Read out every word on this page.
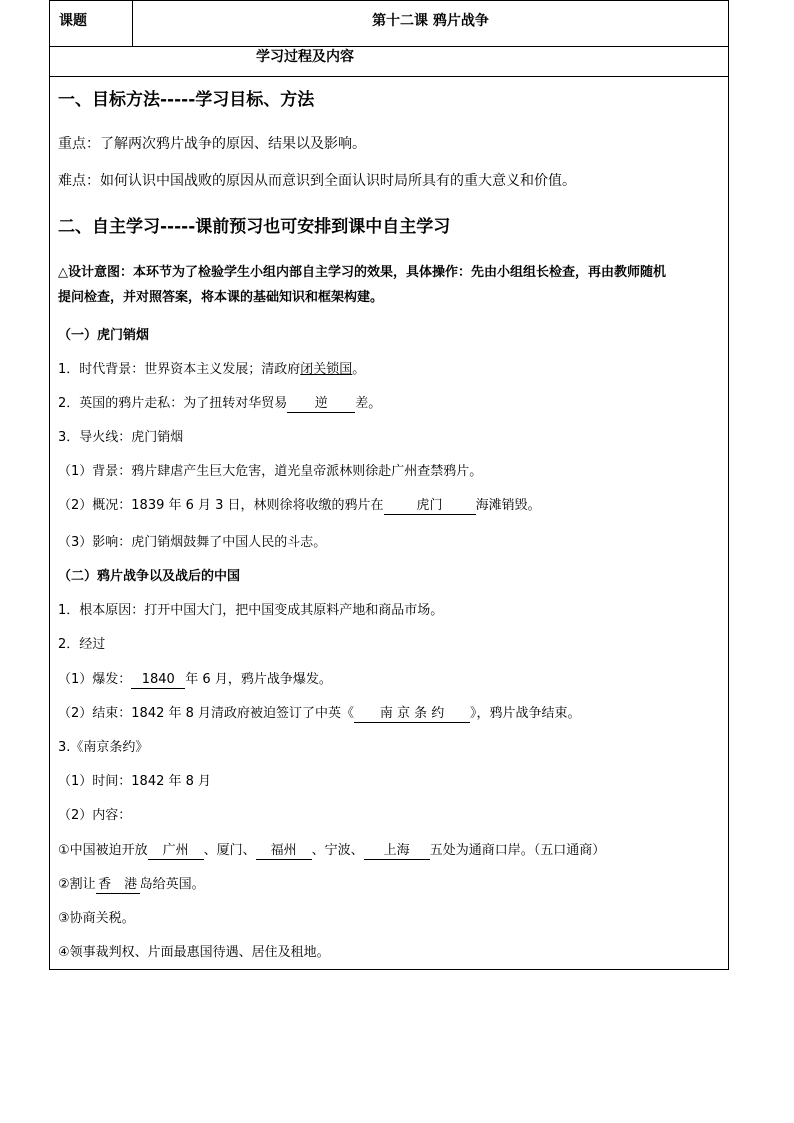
课题	第十二课 鸦片战争
学习过程及内容
一、目标方法-----学习目标、方法
重点：了解两次鸦片战争的原因、结果以及影响。
难点：如何认识中国战败的原因从而意识到全面认识时局所具有的重大意义和价值。
二、自主学习-----课前预习也可安排到课中自主学习
△设计意图：本环节为了检验学生小组内部自主学习的效果，具体操作：先由小组组长检查，再由教师随机
提问检查，并对照答案，将本课的基础知识和框架构建。
（一）虎门销烟
1．时代背景：世界资本主义发展；清政府闭关锁国。
2．英国的鸦片走私：为了扭转对华贸易 逆 差。
3．导火线：虎门销烟
（1）背景：鸦片肆虐产生巨大危害，道光皇帝派林则徐赴广州查禁鸦片。
（2）概况：1839 年 6 月 3 日，林则徐将收缴的鸦片在	虎门	海滩销毁。
（3）影响：虎门销烟鼓舞了中国人民的斗志。
（二）鸦片战争以及战后的中国
1．根本原因：打开中国大门，把中国变成其原料产地和商品市场。
2．经过
（1）爆发： 1840 年 6 月，鸦片战争爆发。
（2）结束：1842 年 8 月清政府被迫签订了中英《 南 京 条 约 》，鸦片战争结束。
3.《南京条约》
（1）时间：1842 年 8 月
（2）内容：
①中国被迫开放 广州 、厦门、 福州 、宁波、 上海 五处为通商口岸。（五口通商）
②割让 香　港 岛给英国。
③协商关税。
④领事裁判权、片面最惠国待遇、居住及租地。
